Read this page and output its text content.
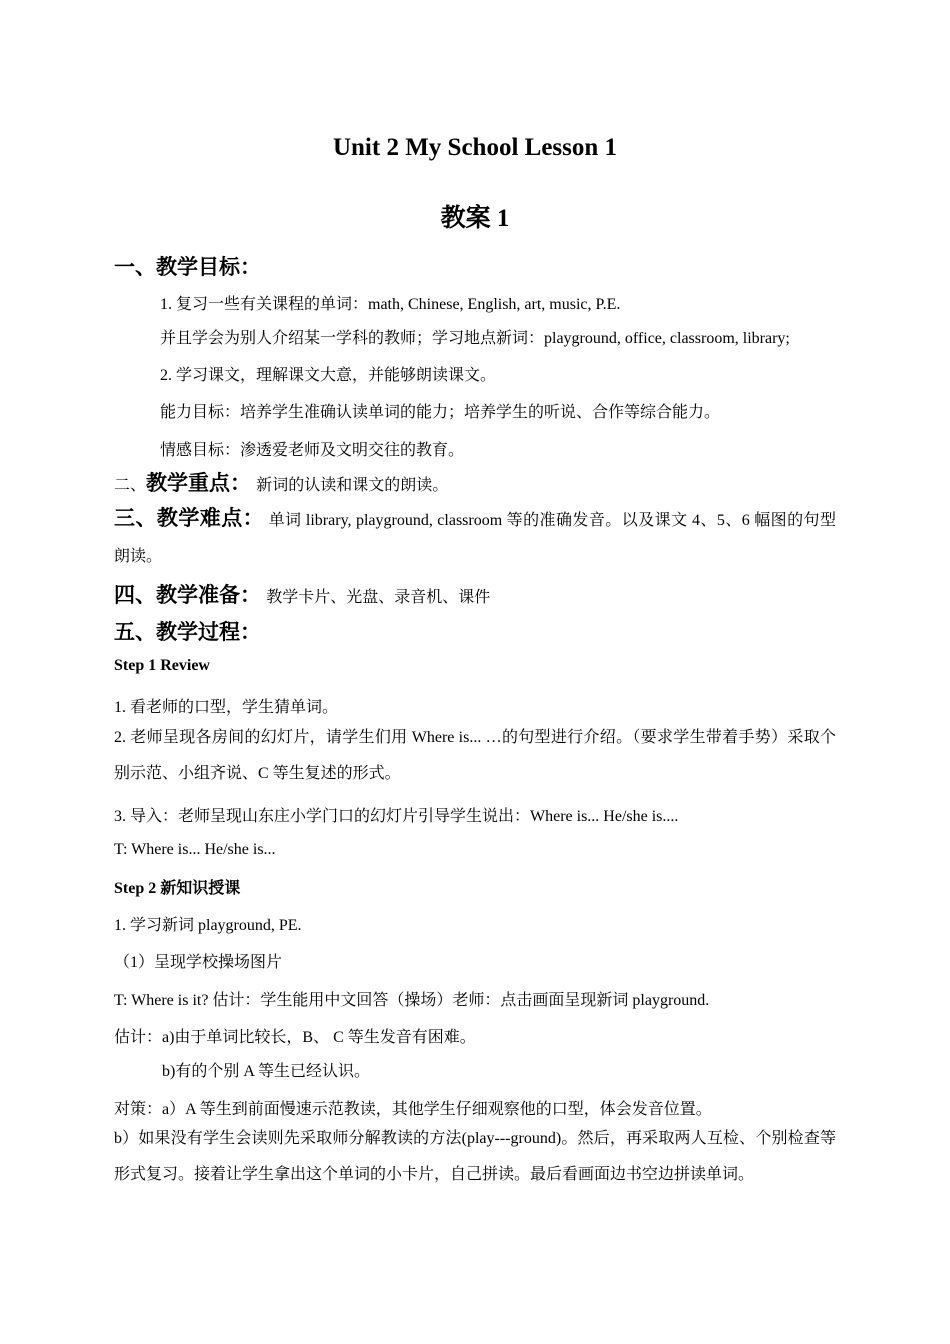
Unit 2 My School Lesson 1
教案 1
一、教学目标：
1. 复习一些有关课程的单词：math, Chinese, English, art, music, P.E.
并且学会为别人介绍某一学科的教师；学习地点新词：playground, office, classroom, library;
2. 学习课文，理解课文大意，并能够朗读课文。
能力目标：培养学生准确认读单词的能力；培养学生的听说、合作等综合能力。
情感目标：渗透爱老师及文明交往的教育。
二、教学重点： 新词的认读和课文的朗读。
三、教学难点： 单词 library, playground, classroom 等的准确发音。以及课文 4、5、6 幅图的句型朗读。
四、教学准备： 教学卡片、光盘、录音机、课件
五、教学过程：
Step 1 Review
1. 看老师的口型，学生猜单词。
2. 老师呈现各房间的幻灯片，请学生们用 Where is... …的句型进行介绍。（要求学生带着手势）采取个别示范、小组齐说、C 等生复述的形式。
3. 导入：老师呈现山东庄小学门口的幻灯片引导学生说出：Where is... He/she is....
T: Where is... He/she is...
Step 2 新知识授课
1. 学习新词 playground, PE.
（1）呈现学校操场图片
T: Where is it? 估计：学生能用中文回答（操场）老师：点击画面呈现新词 playground.
估计：a)由于单词比较长，B、 C 等生发音有困难。
b)有的个别 A 等生已经认识。
对策：a）A 等生到前面慢速示范教读，其他学生仔细观察他的口型，体会发音位置。
b）如果没有学生会读则先采取师分解教读的方法(play---ground)。然后，再采取两人互检、个别检查等形式复习。接着让学生拿出这个单词的小卡片，自己拼读。最后看画面边书空边拼读单词。
